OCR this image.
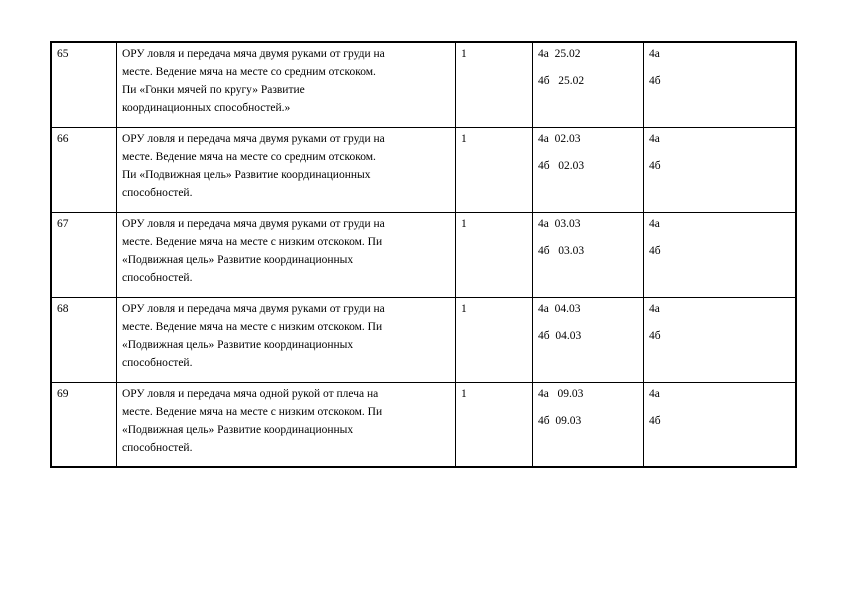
65	ОРУ ловля и передача мяча двумя руками от груди на
месте. Ведение мяча на месте со средним отскоком.
Пи «Гонки мячей по кругу» Развитие
координационных способностей.»	1	4а  25.02
4б   25.02	4а
4б

66	ОРУ ловля и передача мяча двумя руками от груди на
месте. Ведение мяча на месте со средним отскоком.
Пи «Подвижная цель» Развитие координационных
способностей.	1	4а  02.03
4б   02.03	4а
4б

67	ОРУ ловля и передача мяча двумя руками от груди на
месте. Ведение мяча на месте с низким отскоком. Пи
«Подвижная цель» Развитие координационных
способностей.	1	4а  03.03
4б   03.03	4а
4б

68	ОРУ ловля и передача мяча двумя руками от груди на
месте. Ведение мяча на месте с низким отскоком. Пи
«Подвижная цель» Развитие координационных
способностей.	1	4а  04.03
4б  04.03	4а
4б

69	ОРУ ловля и передача мяча одной рукой от плеча на
месте. Ведение мяча на месте с низким отскоком. Пи
«Подвижная цель» Развитие координационных
способностей.	1	4а   09.03
4б  09.03	4а
4б
